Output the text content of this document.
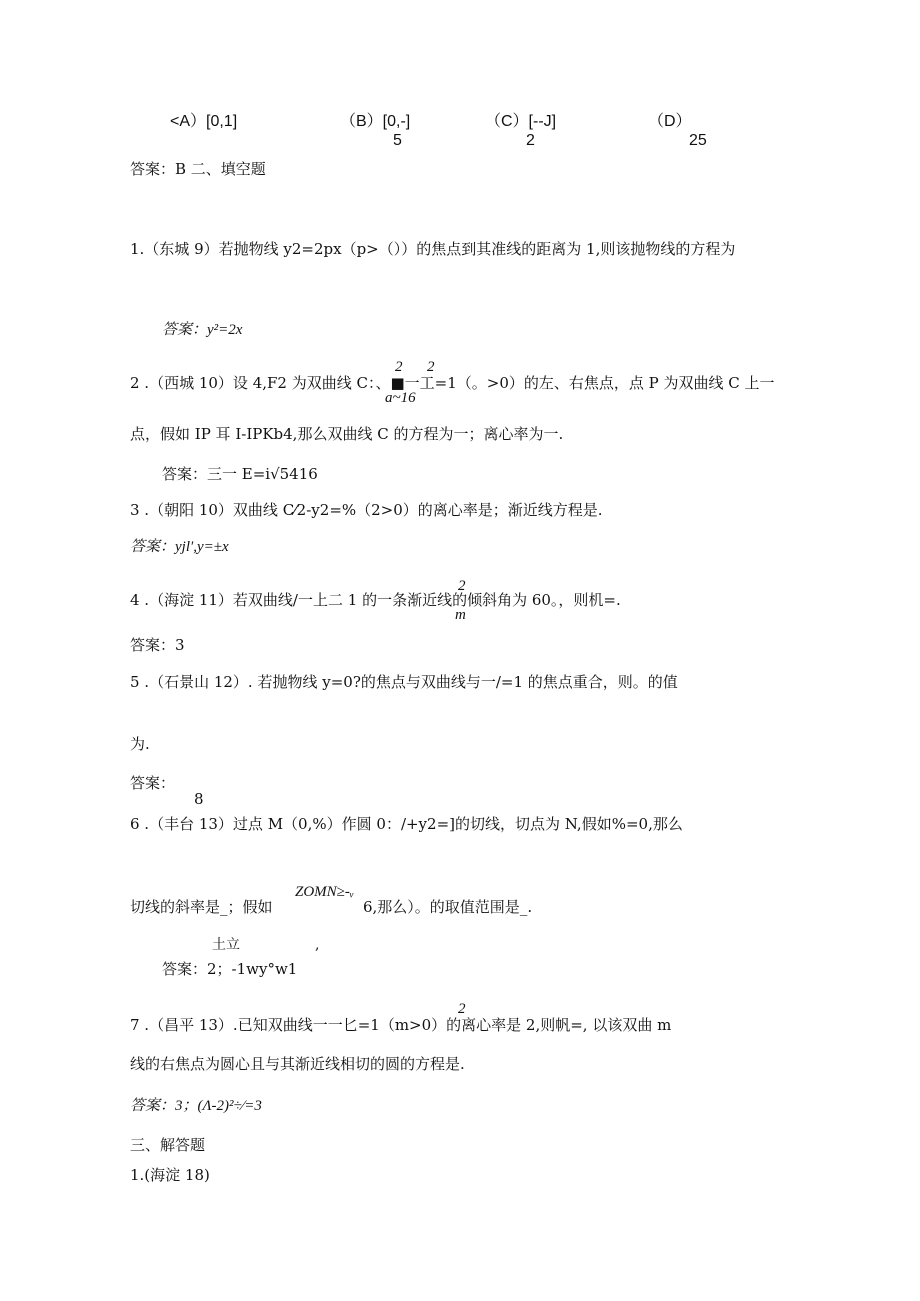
<A）[0,1]	（B）[0,-]
5
（C）[--J]
2
（D）
25
答案：B 二、填空题
1.（东城 9）若抛物线 y2=2px（p>（））的焦点到其准线的距离为 1,则该抛物线的方程为
答案：y²=2x
2 2
2 .（西城 10）设 4,F2 为双曲线 C：、■一工=1（。>0）的左、右焦点，点 P 为双曲线 C 上一
a~16
点，假如 IP 耳 I-IPKb4,那么双曲线 C 的方程为一；离心率为一.
答案：三一 E=i√5416
3 .（朝阳 10）双曲线 C⁄2-y2=%（2>0）的离心率是；渐近线方程是.
答案：yjl′,y=±x
2
4 .（海淀 11）若双曲线/一上二 1 的一条渐近线的倾斜角为 60。，则机=.
m
答案：3
5 .（石景山 12）. 若抛物线 y=0?的焦点与双曲线与一/=1 的焦点重合，则。的值
为.
答案：
8
6 .（丰台 13）过点 M（0,%）作圆 0：/+y2=]的切线，切点为 N,假如%=0,那么
ZOMN≥-ᵥ
切线的斜率是_；假如	6,那么）。的取值范围是_.
土立	,
答案：2；-1wy°w1
2
7 .（昌平 13）.已知双曲线一一匕=1（m>0）的离心率是 2,则帆=, 以该双曲 m
线的右焦点为圆心且与其渐近线相切的圆的方程是.
答案：3；(Λ-2)²÷⁄=3
三、解答题
1.(海淀 18)
